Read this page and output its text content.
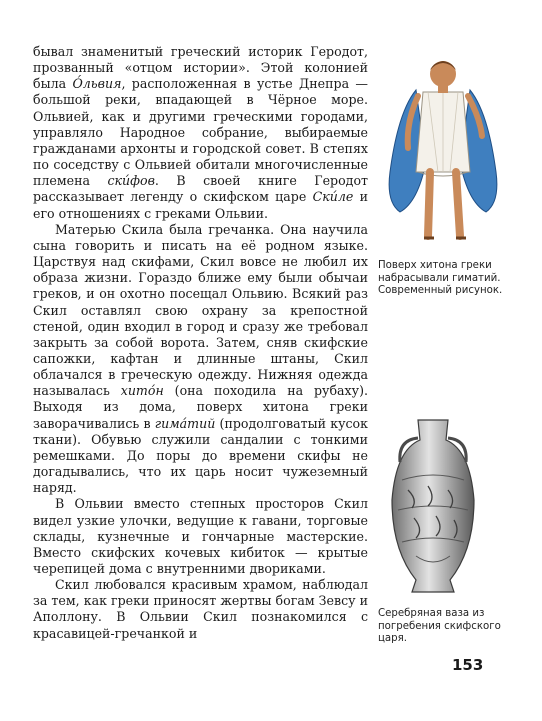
бывал знаменитый греческий историк Геродот, прозванный «отцом истории». Этой колонией была О́львия, расположенная в устье Днепра — большой реки, впадающей в Чёрное море. Ольвией, как и другими греческими городами, управляло Народное собрание, выбираемые гражданами архонты и городской совет. В степях по соседству с Ольвией обитали многочисленные племена ски́фов. В своей книге Геродот рассказывает легенду о скифском царе Ски́ле и его отношениях с греками Ольвии.

Матерью Скила была гречанка. Она научила сына говорить и писать на её родном языке. Царствуя над скифами, Скил вовсе не любил их образа жизни. Гораздо ближе ему были обычаи греков, и он охотно посещал Ольвию. Всякий раз Скил оставлял свою охрану за крепостной стеной, один входил в город и сразу же требовал закрыть за собой ворота. Затем, сняв скифские сапожки, кафтан и длинные штаны, Скил облачался в греческую одежду. Нижняя одежда называлась хито́н (она походила на рубаху). Выходя из дома, поверх хитона греки заворачивались в гима́тий (продолговатый кусок ткани). Обувью служили сандалии с тонкими ремешками. До поры до времени скифы не догадывались, что их царь носит чужеземный наряд.

В Ольвии вместо степных просторов Скил видел узкие улочки, ведущие к гавани, торговые склады, кузнечные и гончарные мастерские. Вместо скифских кочевых кибиток — крытые черепицей дома с внутренними двориками.

Скил любовался красивым храмом, наблюдал за тем, как греки приносят жертвы богам Зевсу и Аполлону. В Ольвии Скил познакомился с красавицей-гречанкой и

Поверх хитона греки набрасывали гиматий. Современный рисунок.
Серебряная ваза из погребения скифского царя.
153
